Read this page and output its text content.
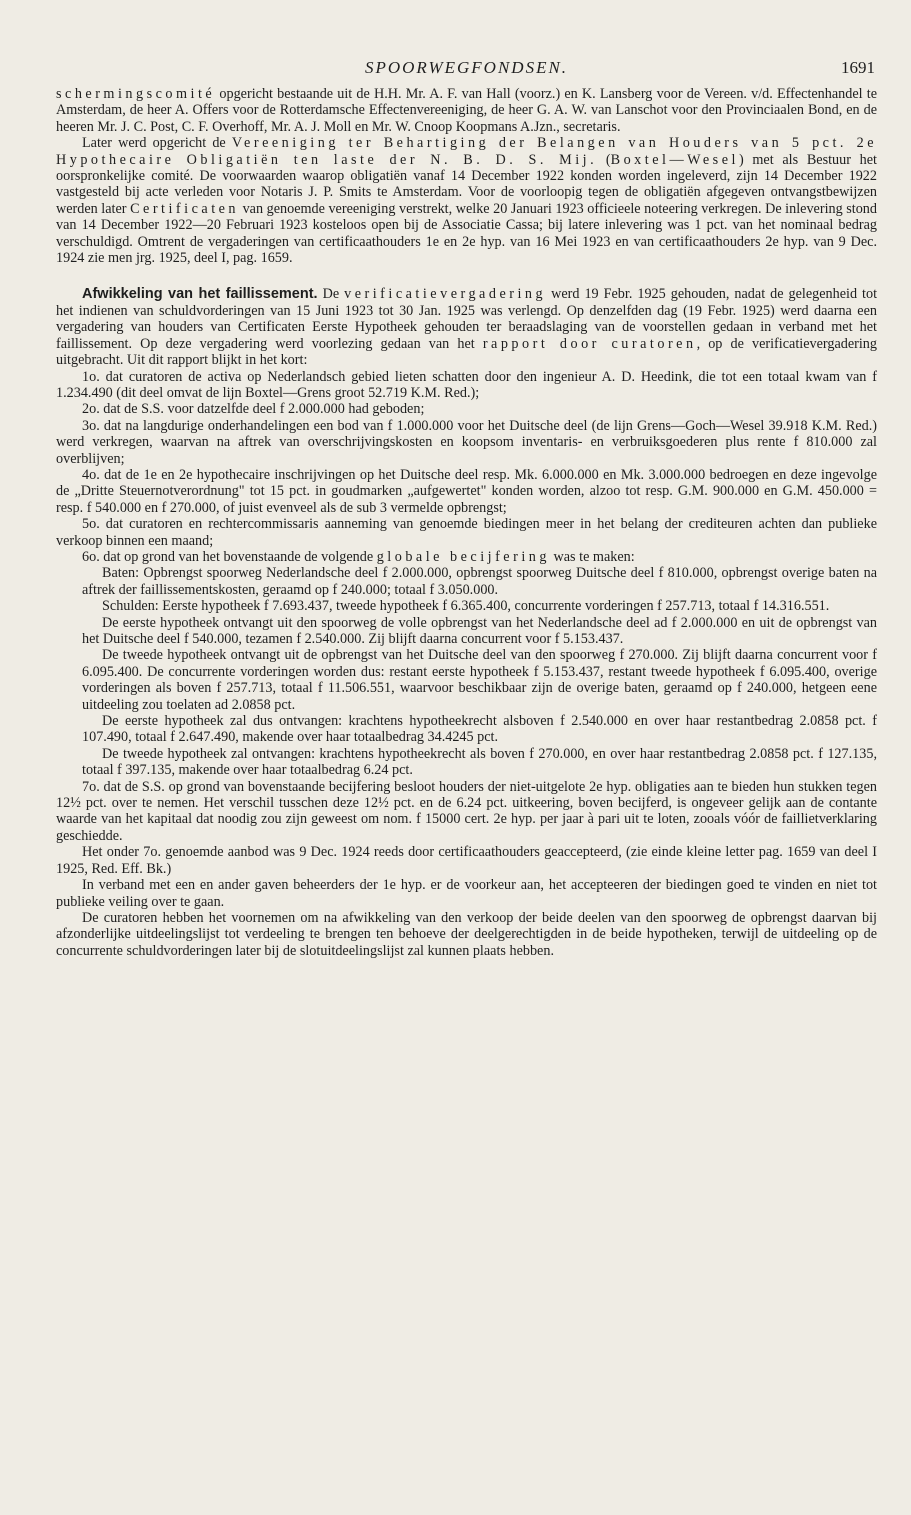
SPOORWEGFONDSEN.	1691

schermingscomité opgericht bestaande uit de H.H. Mr. A. F. van Hall (voorz.) en K. Lansberg voor de Vereen. v/d. Effectenhandel te Amsterdam, de heer A. Offers voor de Rotterdamsche Effectenvereeniging, de heer G. A. W. van Lanschot voor den Provinciaalen Bond, en de heeren Mr. J. C. Post, C. F. Overhoff, Mr. A. J. Moll en Mr. W. Cnoop Koopmans A.Jzn., secretaris.

Later werd opgericht de Vereeniging ter Behartiging der Belangen van Houders van 5 pct. 2e Hypothecaire Obligatiën ten laste der N. B. D. S. Mij. (Boxtel—Wesel) met als Bestuur het oorspronkelijke comité. De voorwaarden waarop obligatiën vanaf 14 December 1922 konden worden ingeleverd, zijn 14 December 1922 vastgesteld bij acte verleden voor Notaris J. P. Smits te Amsterdam. Voor de voorloopig tegen de obligatiën afgegeven ontvangstbewijzen werden later Certificaten van genoemde vereeniging verstrekt, welke 20 Januari 1923 officieele noteering verkregen. De inlevering stond van 14 December 1922—20 Februari 1923 kosteloos open bij de Associatie Cassa; bij latere inlevering was 1 pct. van het nominaal bedrag verschuldigd. Omtrent de vergaderingen van certificaathouders 1e en 2e hyp. van 16 Mei 1923 en van certificaathouders 2e hyp. van 9 Dec. 1924 zie men jrg. 1925, deel I, pag. 1659.

Afwikkeling van het faillissement. De verificatievergadering werd 19 Febr. 1925 gehouden, nadat de gelegenheid tot het indienen van schuldvorderingen van 15 Juni 1923 tot 30 Jan. 1925 was verlengd. Op denzelfden dag (19 Febr. 1925) werd daarna een vergadering van houders van Certificaten Eerste Hypotheek gehouden ter beraadslaging van de voorstellen gedaan in verband met het faillissement. Op deze vergadering werd voorlezing gedaan van het rapport door curatoren, op de verificatievergadering uitgebracht. Uit dit rapport blijkt in het kort:

1o. dat curatoren de activa op Nederlandsch gebied lieten schatten door den ingenieur A. D. Heedink, die tot een totaal kwam van f 1.234.490 (dit deel omvat de lijn Boxtel—Grens groot 52.719 K.M. Red.);

2o. dat de S.S. voor datzelfde deel f 2.000.000 had geboden;

3o. dat na langdurige onderhandelingen een bod van f 1.000.000 voor het Duitsche deel (de lijn Grens—Goch—Wesel 39.918 K.M. Red.) werd verkregen, waarvan na aftrek van overschrijvingskosten en koopsom inventaris- en verbruiksgoederen plus rente f 810.000 zal overblijven;

4o. dat de 1e en 2e hypothecaire inschrijvingen op het Duitsche deel resp. Mk. 6.000.000 en Mk. 3.000.000 bedroegen en deze ingevolge de „Dritte Steuernotverordnung" tot 15 pct. in goudmarken „aufgewertet" konden worden, alzoo tot resp. G.M. 900.000 en G.M. 450.000 = resp. f 540.000 en f 270.000, of juist evenveel als de sub 3 vermelde opbrengst;

5o. dat curatoren en rechtercommissaris aanneming van genoemde biedingen meer in het belang der crediteuren achten dan publieke verkoop binnen een maand;

6o. dat op grond van het bovenstaande de volgende globale becijfering was te maken:

Baten: Opbrengst spoorweg Nederlandsche deel f 2.000.000, opbrengst spoorweg Duitsche deel f 810.000, opbrengst overige baten na aftrek der faillissementskosten, geraamd op f 240.000; totaal f 3.050.000.

Schulden: Eerste hypotheek f 7.693.437, tweede hypotheek f 6.365.400, concurrente vorderingen f 257.713, totaal f 14.316.551.

De eerste hypotheek ontvangt uit den spoorweg de volle opbrengst van het Nederlandsche deel ad f 2.000.000 en uit de opbrengst van het Duitsche deel f 540.000, tezamen f 2.540.000. Zij blijft daarna concurrent voor f 5.153.437.

De tweede hypotheek ontvangt uit de opbrengst van het Duitsche deel van den spoorweg f 270.000. Zij blijft daarna concurrent voor f 6.095.400. De concurrente vorderingen worden dus: restant eerste hypotheek f 5.153.437, restant tweede hypotheek f 6.095.400, overige vorderingen als boven f 257.713, totaal f 11.506.551, waarvoor beschikbaar zijn de overige baten, geraamd op f 240.000, hetgeen eene uitdeeling zou toelaten ad 2.0858 pct.

De eerste hypotheek zal dus ontvangen: krachtens hypotheekrecht alsboven f 2.540.000 en over haar restantbedrag 2.0858 pct. f 107.490, totaal f 2.647.490, makende over haar totaalbedrag 34.4245 pct.

De tweede hypotheek zal ontvangen: krachtens hypotheekrecht als boven f 270.000, en over haar restantbedrag 2.0858 pct. f 127.135, totaal f 397.135, makende over haar totaalbedrag 6.24 pct.

7o. dat de S.S. op grond van bovenstaande becijfering besloot houders der niet-uitgelote 2e hyp. obligaties aan te bieden hun stukken tegen 12½ pct. over te nemen. Het verschil tusschen deze 12½ pct. en de 6.24 pct. uitkeering, boven becijferd, is ongeveer gelijk aan de contante waarde van het kapitaal dat noodig zou zijn geweest om nom. f 15000 cert. 2e hyp. per jaar à pari uit te loten, zooals vóór de faillietverklaring geschiedde.

Het onder 7o. genoemde aanbod was 9 Dec. 1924 reeds door certificaathouders geaccepteerd, (zie einde kleine letter pag. 1659 van deel I 1925, Red. Eff. Bk.)

In verband met een en ander gaven beheerders der 1e hyp. er de voorkeur aan, het accepteeren der biedingen goed te vinden en niet tot publieke veiling over te gaan.

De curatoren hebben het voornemen om na afwikkeling van den verkoop der beide deelen van den spoorweg de opbrengst daarvan bij afzonderlijke uitdeelingslijst tot verdeeling te brengen ten behoeve der deelgerechtigden in de beide hypotheken, terwijl de uitdeeling op de concurrente schuldvorderingen later bij de slotuitdeelingslijst zal kunnen plaats hebben.
